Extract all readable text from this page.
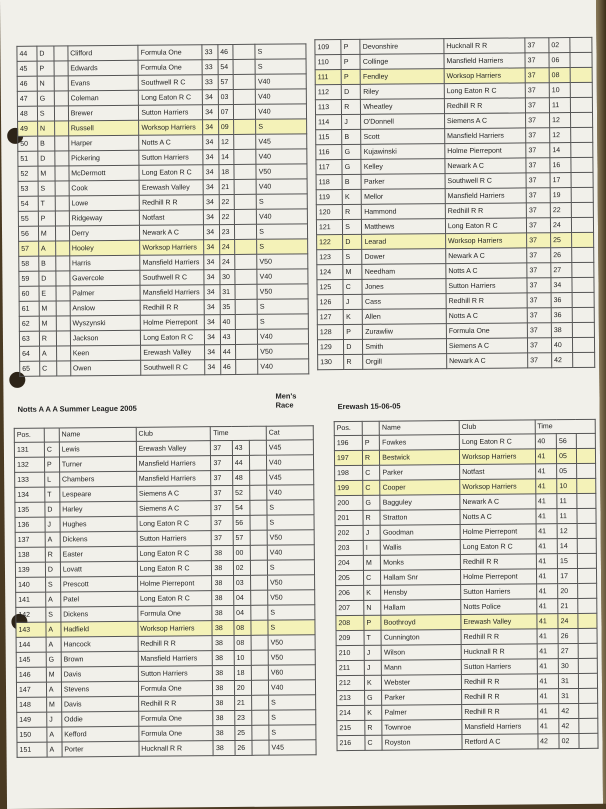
44	D		Clifford	Formula One	33	46		S
45	P		Edwards	Formula One	33	54		S
46	N		Evans	Southwell R C	33	57		V40
47	G		Coleman	Long Eaton R C	34	03		V40
48	S		Brewer	Sutton Harriers	34	07		V40
49	N		Russell	Worksop Harriers	34	09		S
50	B		Harper	Notts A C	34	12		V45
51	D		Pickering	Sutton Harriers	34	14		V40
52	M		McDermott	Long Eaton R C	34	18		V50
53	S		Cook	Erewash Valley	34	21		V40
54	T		Lowe	Redhill R R	34	22		S
55	P		Ridgeway	Notfast	34	22		V40
56	M		Derry	Newark A C	34	23		S
57	A		Hooley	Worksop Harriers	34	24		S
58	B		Harris	Mansfield Harriers	34	24		V50
59	D		Gavercole	Southwell R C	34	30		V40
60	E		Palmer	Mansfield Harriers	34	31		V50
61	M		Anslow	Redhill R R	34	35		S
62	M		Wyszynski	Holme Pierrepont	34	40		S
63	R		Jackson	Long Eaton R C	34	43		V40
64	A		Keen	Erewash Valley	34	44		V50
65	C		Owen	Southwell R C	34	46		V40
109	P	Devonshire	Hucknall R R	37	02	
110	P	Collinge	Mansfield Harriers	37	06	
111	P	Fendley	Worksop Harriers	37	08	
112	D	Riley	Long Eaton R C	37	10	
113	R	Wheatley	Redhill R R	37	11	
114	J	O'Donnell	Siemens A C	37	12	
115	B	Scott	Mansfield Harriers	37	12	
116	G	Kujawinski	Holme Pierrepont	37	14	
117	G	Kelley	Newark A C	37	16	
118	B	Parker	Southwell R C	37	17	
119	K	Mellor	Mansfield Harriers	37	19	
120	R	Hammond	Redhill R R	37	22	
121	S	Matthews	Long Eaton R C	37	24	
122	D	Learad	Worksop Harriers	37	25	
123	S	Dower	Newark A C	37	26	
124	M	Needham	Notts A C	37	27	
125	C	Jones	Sutton Harriers	37	34	
126	J	Cass	Redhill R R	37	36	
127	K	Allen	Notts A C	37	36	
128	P	Zurawliw	Formula One	37	38	
129	D	Smith	Siemens A C	37	40	
130	R	Orgill	Newark A C	37	42	
Notts A A A Summer League 2005
Men's Race	Erewash 15-06-05
Pos.		Name	Club	Time			Cat
131	C	Lewis	Erewash Valley	37	43		V45
132	P	Turner	Mansfield Harriers	37	44		V40
133	L	Chambers	Mansfield Harriers	37	48		V45
134	T	Lespeare	Siemens A C	37	52		V40
135	D	Harley	Siemens A C	37	54		S
136	J	Hughes	Long Eaton R C	37	56		S
137	A	Dickens	Sutton Harriers	37	57		V50
138	R	Easter	Long Eaton R C	38	00		V40
139	D	Lovatt	Long Eaton R C	38	02		S
140	S	Prescott	Holme Pierrepont	38	03		V50
141	A	Patel	Long Eaton R C	38	04		V50
142	S	Dickens	Formula One	38	04		S
143	A	Hadfield	Worksop Harriers	38	08		S
144	A	Hancock	Redhill R R	38	08		V50
145	G	Brown	Mansfield Harriers	38	10		V50
146	M	Davis	Sutton Harriers	38	18		V60
147	A	Stevens	Formula One	38	20		V40
148	M	Davis	Redhill R R	38	21		S
149	J	Oddie	Formula One	38	23		S
150	A	Kefford	Formula One	38	25		S
151	A	Porter	Hucknall R R	38	26		V45
Pos.		Name	Club	Time		
196	P	Fowkes	Long Eaton R C	40	56	
197	R	Bestwick	Worksop Harriers	41	05	
198	C	Parker	Notfast	41	05	
199	C	Cooper	Worksop Harriers	41	10	
200	G	Bagguley	Newark A C	41	11	
201	R	Stratton	Notts A C	41	11	
202	J	Goodman	Holme Pierrepont	41	12	
203	I	Wallis	Long Eaton R C	41	14	
204	M	Monks	Redhill R R	41	15	
205	C	Hallam Snr	Holme Pierrepont	41	17	
206	K	Hensby	Sutton Harriers	41	20	
207	N	Hallam	Notts Police	41	21	
208	P	Boothroyd	Erewash Valley	41	24	
209	T	Cunnington	Redhill R R	41	26	
210	J	Wilson	Hucknall R R	41	27	
211	J	Mann	Sutton Harriers	41	30	
212	K	Webster	Redhill R R	41	31	
213	G	Parker	Redhill R R	41	31	
214	K	Palmer	Redhill R R	41	42	
215	R	Townroe	Mansfield Harriers	41	42	
216	C	Royston	Retford A C	42	02	
